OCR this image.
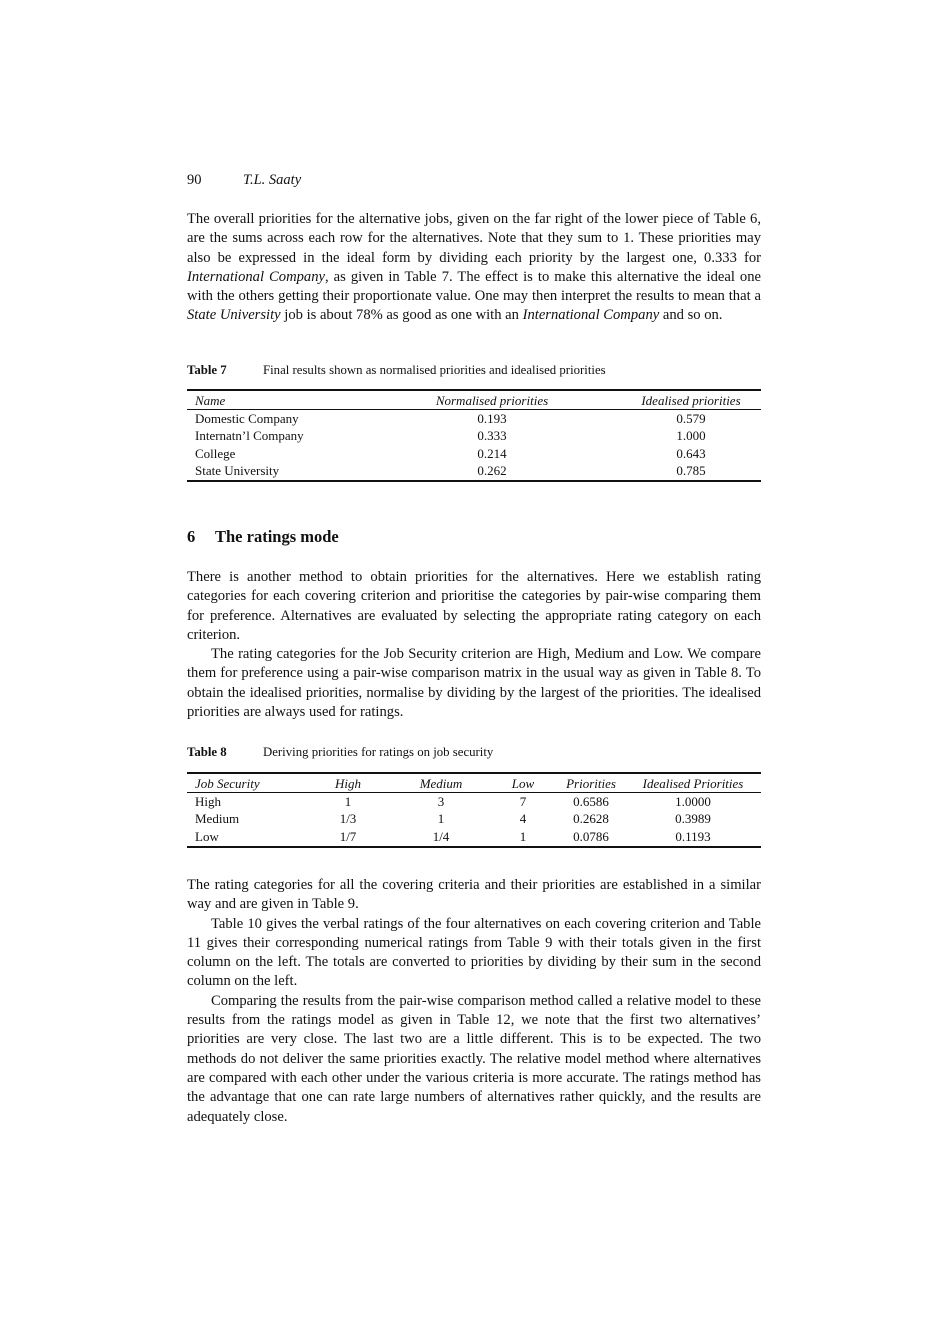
90	T.L. Saaty

The overall priorities for the alternative jobs, given on the far right of the lower piece of Table 6, are the sums across each row for the alternatives. Note that they sum to 1. These priorities may also be expressed in the ideal form by dividing each priority by the largest one, 0.333 for International Company, as given in Table 7. The effect is to make this alternative the ideal one with the others getting their proportionate value. One may then interpret the results to mean that a State University job is about 78% as good as one with an International Company and so on.

Table 7	Final results shown as normalised priorities and idealised priorities
Name	Normalised priorities	Idealised priorities
Domestic Company	0.193	0.579
Internatn’l Company	0.333	1.000
College	0.214	0.643
State University	0.262	0.785
6 The ratings mode

There is another method to obtain priorities for the alternatives. Here we establish rating categories for each covering criterion and prioritise the categories by pair-wise comparing them for preference. Alternatives are evaluated by selecting the appropriate rating category on each criterion.

The rating categories for the Job Security criterion are High, Medium and Low. We compare them for preference using a pair-wise comparison matrix in the usual way as given in Table 8. To obtain the idealised priorities, normalise by dividing by the largest of the priorities. The idealised priorities are always used for ratings.

Table 8	Deriving priorities for ratings on job security
Job Security	High	Medium	Low	Priorities	Idealised Priorities
High	1	3	7	0.6586	1.0000
Medium	1/3	1	4	0.2628	0.3989
Low	1/7	1/4	1	0.0786	0.1193

The rating categories for all the covering criteria and their priorities are established in a similar way and are given in Table 9.

Table 10 gives the verbal ratings of the four alternatives on each covering criterion and Table 11 gives their corresponding numerical ratings from Table 9 with their totals given in the first column on the left. The totals are converted to priorities by dividing by their sum in the second column on the left.

Comparing the results from the pair-wise comparison method called a relative model to these results from the ratings model as given in Table 12, we note that the first two alternatives’ priorities are very close. The last two are a little different. This is to be expected. The two methods do not deliver the same priorities exactly. The relative model method where alternatives are compared with each other under the various criteria is more accurate. The ratings method has the advantage that one can rate large numbers of alternatives rather quickly, and the results are adequately close.
